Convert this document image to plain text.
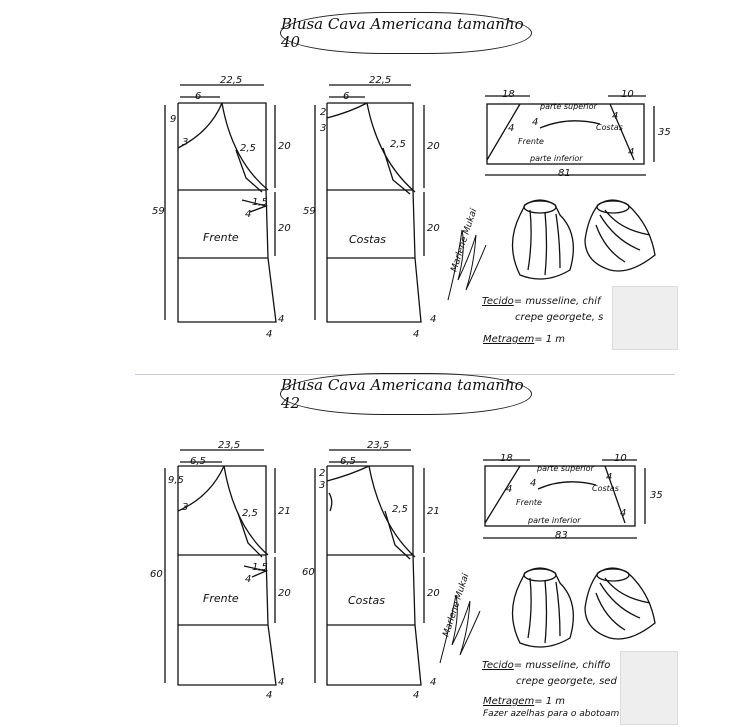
Blusa Cava Americana tamanho 40
22,5
6
9
3
2,5 20
59
1,5
4
20
4
4
Frente
22,5
6
2
3
2,5 20
59
20
4
4
Costas
18	10
parte superior
parte inferior
81
35
Frente
Costas
4
4
4
4
Marlene Mukai
Tecido= musseline, chif
crepe georgete, s
Metragem= 1 m
Blusa Cava Americana tamanho 42
23,5
6,5
9,5
3
2,5 21
60
1,5
4
20
4
4
Frente
23,5
6,5
2
3
2,5 21
60
20
4
4
Costas
18	10
parte superior
parte inferior
83
35
Frente
Costas
4
4
4
4
Marlene Mukai
Tecido= musseline, chiffo
crepe georgete, sed
Metragem= 1 m
Fazer azelhas para o abotoam
